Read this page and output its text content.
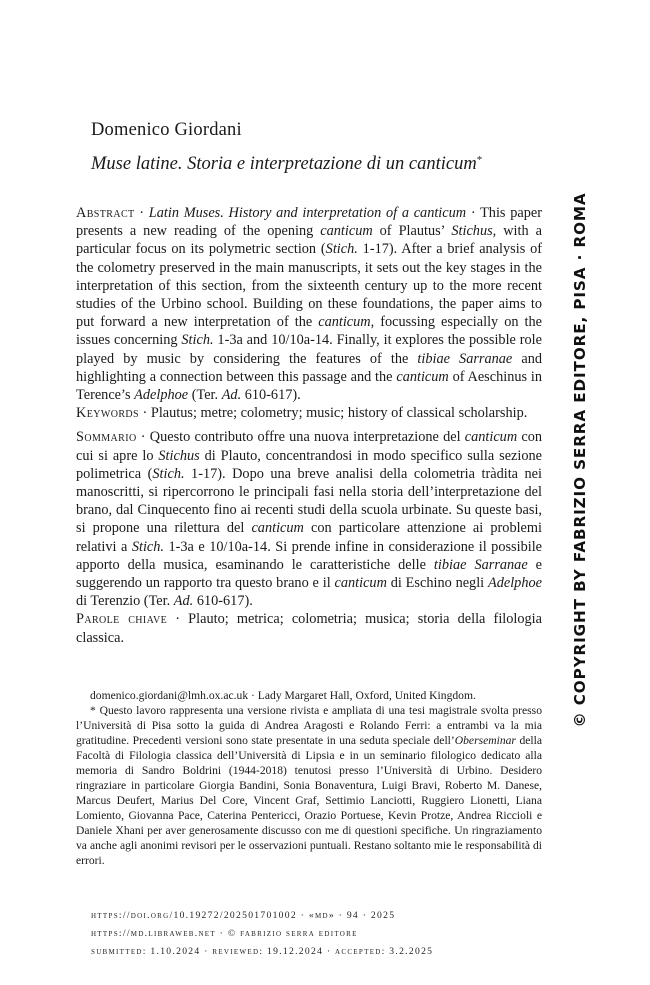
Domenico Giordani
Muse latine. Storia e interpretazione di un canticum*

Abstract · Latin Muses. History and interpretation of a canticum · This paper presents a new reading of the opening canticum of Plautus’ Stichus, with a particular focus on its polymetric section (Stich. 1-17). After a brief analysis of the colometry preserved in the main manuscripts, it sets out the key stages in the interpretation of this section, from the sixteenth century up to the more recent studies of the Urbino school. Building on these foundations, the paper aims to put forward a new interpretation of the canticum, focussing especially on the issues concerning Stich. 1-3a and 10/10a-14. Finally, it explores the possible role played by music by considering the features of the tibiae Sarranae and highlighting a connection between this passage and the canticum of Aeschinus in Terence’s Adelphoe (Ter. Ad. 610-617).

Keywords · Plautus; metre; colometry; music; history of classical scholarship.

Sommario · Questo contributo offre una nuova interpretazione del canticum con cui si apre lo Stichus di Plauto, concentrandosi in modo specifico sulla sezione polimetrica (Stich. 1-17). Dopo una breve analisi della colometria tràdita nei manoscritti, si ripercorrono le principali fasi nella storia dell’interpretazione del brano, dal Cinquecento fino ai recenti studi della scuola urbinate. Su queste basi, si propone una rilettura del canticum con particolare attenzione ai problemi relativi a Stich. 1-3a e 10/10a-14. Si prende infine in considerazione il possibile apporto della musica, esaminando le caratteristiche delle tibiae Sarranae e suggerendo un rapporto tra questo brano e il canticum di Eschino negli Adelphoe di Terenzio (Ter. Ad. 610-617).

Parole chiave · Plauto; metrica; colometria; musica; storia della filologia classica.

domenico.giordani@lmh.ox.ac.uk · Lady Margaret Hall, Oxford, United Kingdom.

* Questo lavoro rappresenta una versione rivista e ampliata di una tesi magistrale svolta presso l’Università di Pisa sotto la guida di Andrea Aragosti e Rolando Ferri: a entrambi va la mia gratitudine. Precedenti versioni sono state presentate in una seduta speciale dell’Oberseminar della Facoltà di Filologia classica dell’Università di Lipsia e in un seminario filologico dedicato alla memoria di Sandro Boldrini (1944-2018) tenutosi presso l’Università di Urbino. Desidero ringraziare in particolare Giorgia Bandini, Sonia Bonaventura, Luigi Bravi, Roberto M. Danese, Marcus Deufert, Marius Del Core, Vincent Graf, Settimio Lanciotti, Ruggiero Lionetti, Liana Lomiento, Giovanna Pace, Caterina Pentericci, Orazio Portuese, Kevin Protze, Andrea Riccioli e Daniele Xhani per aver generosamente discusso con me di questioni specifiche. Un ringraziamento va anche agli anonimi revisori per le osservazioni puntuali. Restano soltanto mie le responsabilità di errori.

https://doi.org/10.19272/202501701002 · «md» · 94 · 2025
https://md.libraweb.net · © fabrizio serra editore
submitted: 1.10.2024 · reviewed: 19.12.2024 · accepted: 3.2.2025
© COPYRIGHT BY FABRIZIO SERRA EDITORE, PISA · ROMA
